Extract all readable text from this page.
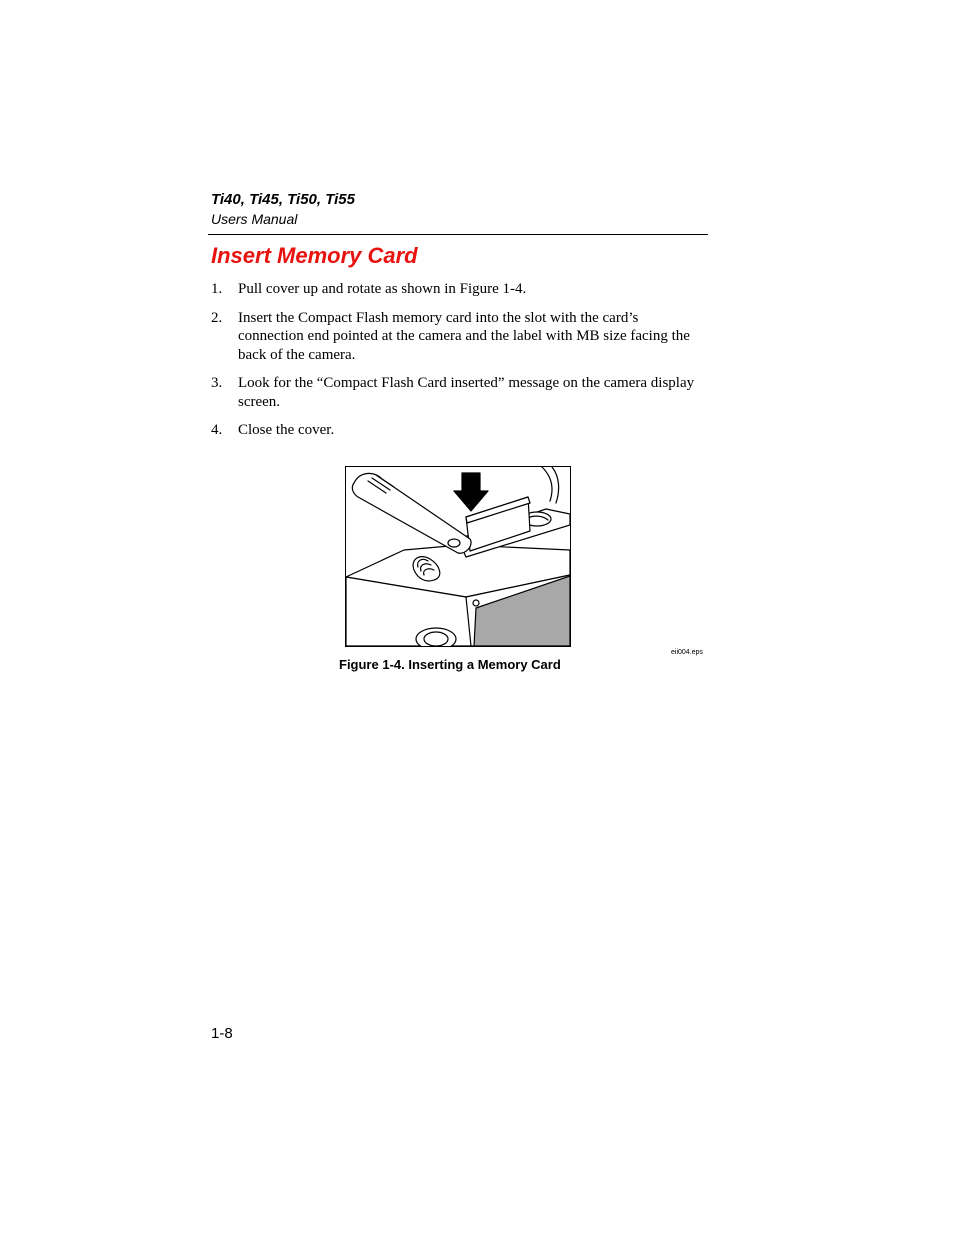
Ti40, Ti45, Ti50, Ti55
Users Manual
Insert Memory Card
1.	Pull cover up and rotate as shown in Figure 1-4.
2.	Insert the Compact Flash memory card into the slot with the card’s connection end pointed at the camera and the label with MB size facing the back of the camera.
3.	Look for the “Compact Flash Card inserted” message on the camera display screen.
4.	Close the cover.
eii004.eps
Figure 1-4. Inserting a Memory Card
1-8
